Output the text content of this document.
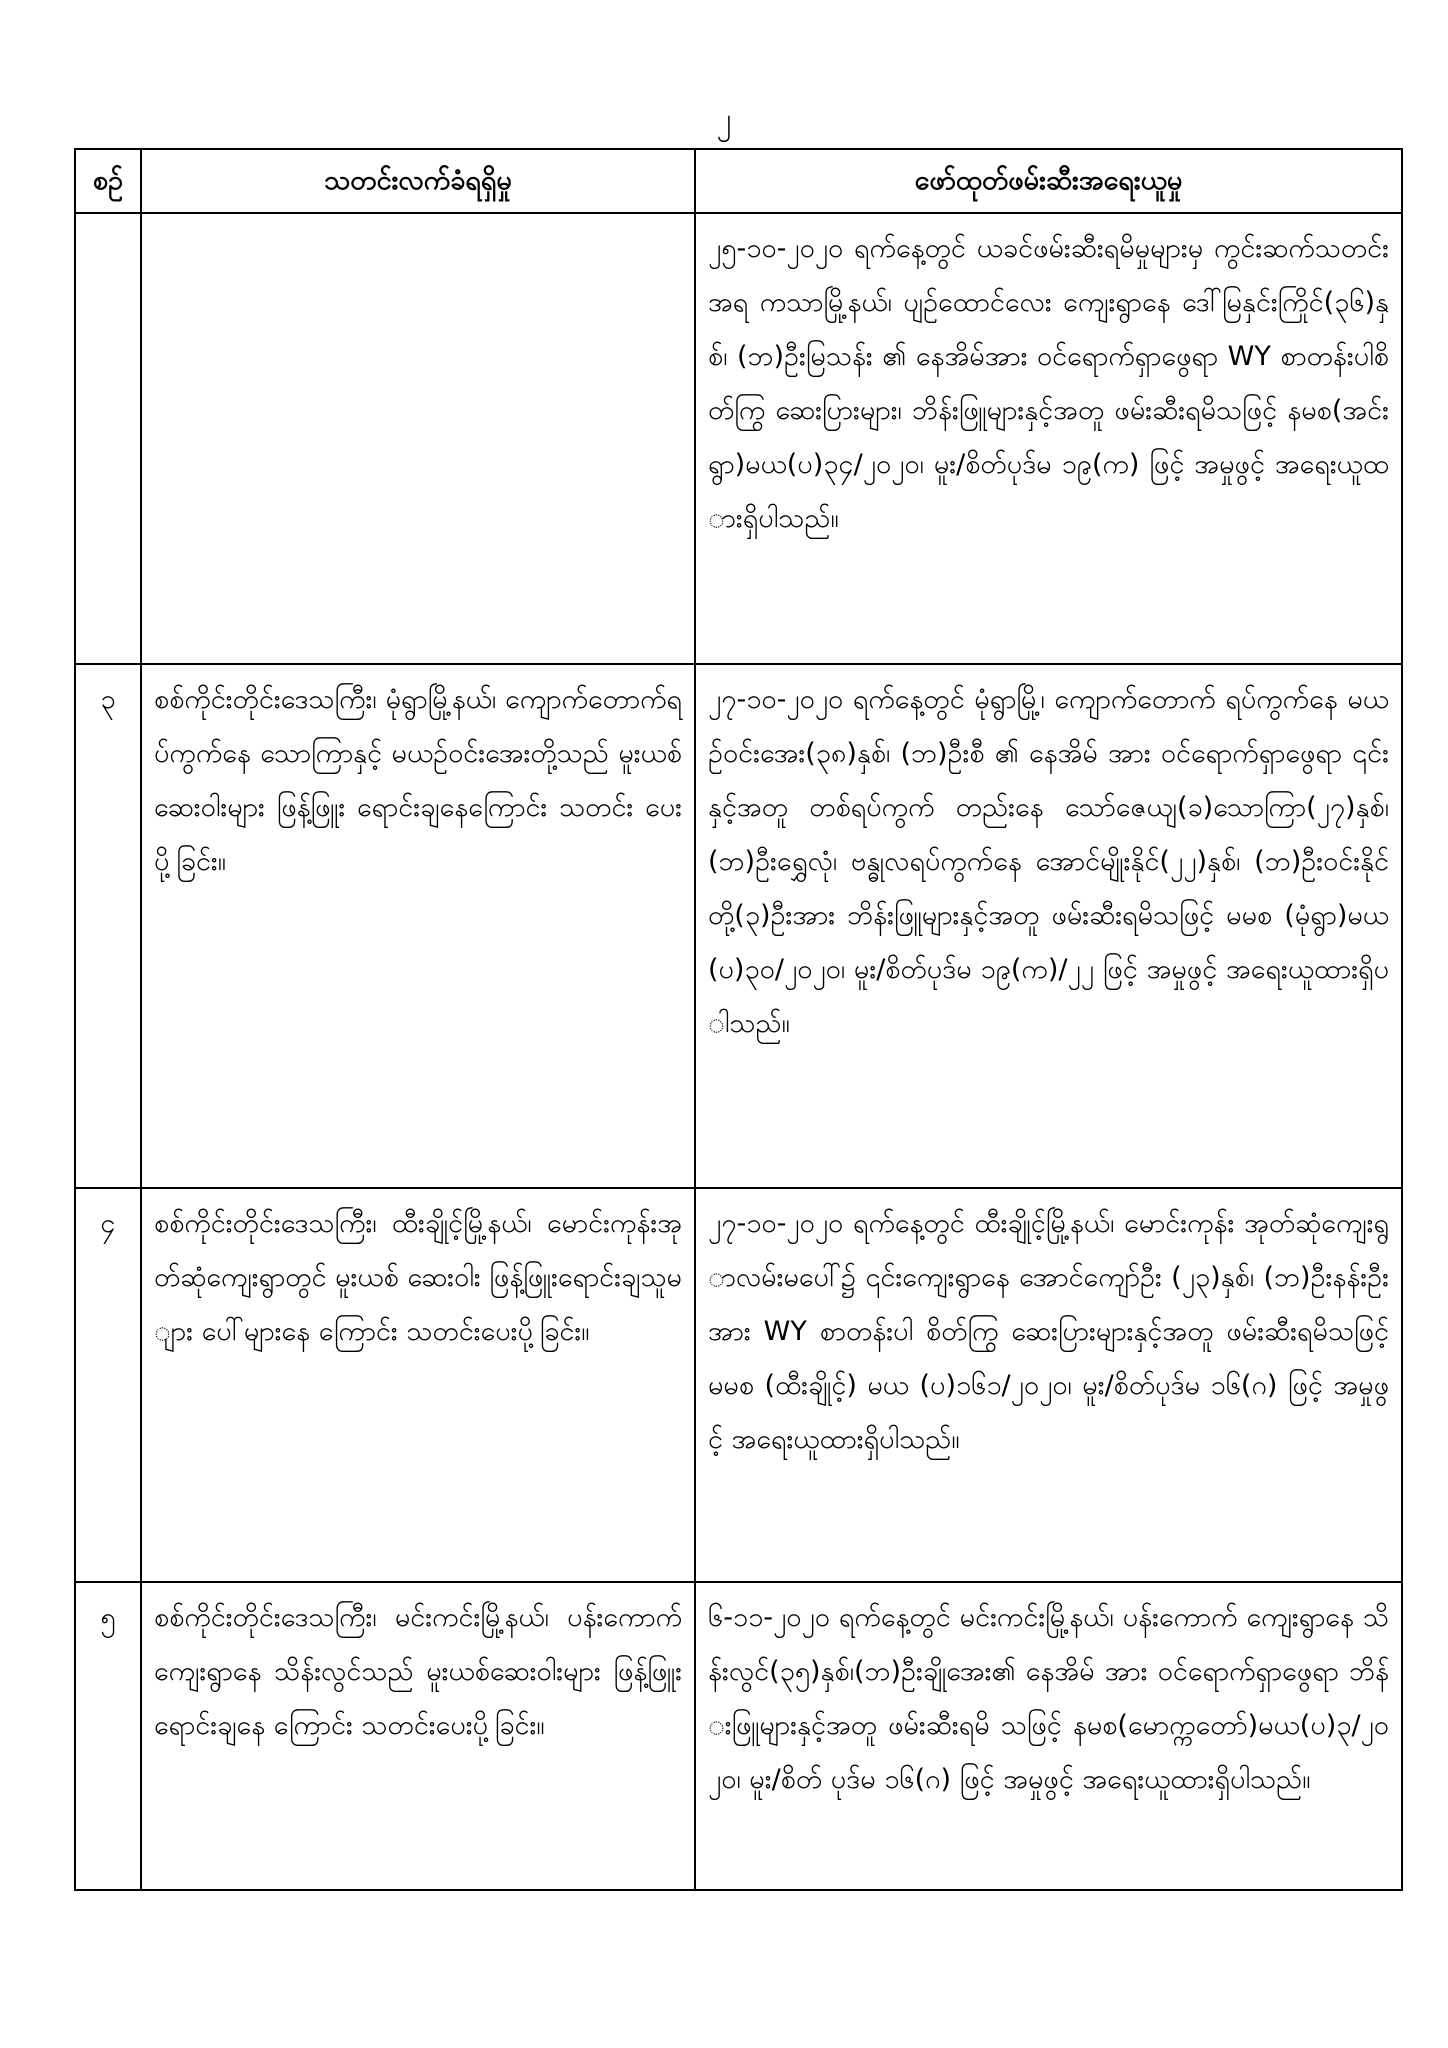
၂
စဉ်	သတင်းလက်ခံရရှိမှု	ဖော်ထုတ်ဖမ်းဆီးအရေးယူမှု
		၂၅-၁၀-၂၀၂၀ ရက်နေ့တွင် ယခင်ဖမ်းဆီးရမိမှုများမှ ကွင်းဆက်သတင်းအရ ကသာမြို့နယ်၊ ပျဉ်ထောင်လေး ကျေးရွာနေ ဒေါ်မြနှင်းကြိုင်(၃၆)နှစ်၊ (ဘ)ဦးမြသန်း ၏ နေအိမ်အား ဝင်ရောက်ရှာဖွေရာ WY စာတန်းပါစိတ်ကြွ ဆေးပြားများ၊ ဘိန်းဖြူများနှင့်အတူ ဖမ်းဆီးရမိသဖြင့် နမစ(အင်းရွာ)မယ(ပ)၃၄/၂၀၂၀၊ မူး/စိတ်ပုဒ်မ ၁၉(က) ဖြင့် အမှုဖွင့် အရေးယူထားရှိပါသည်။
၃	စစ်ကိုင်းတိုင်းဒေသကြီး၊ မုံရွာမြို့နယ်၊ ကျောက်တောက်ရပ်ကွက်နေ သောကြာနှင့် မယဉ်ဝင်းအေးတို့သည် မူးယစ်ဆေးဝါးများ ဖြန့်ဖြူး ရောင်းချနေကြောင်း သတင်း ပေးပို့ခြင်း။	၂၇-၁၀-၂၀၂၀ ရက်နေ့တွင် မုံရွာမြို့၊ ကျောက်တောက် ရပ်ကွက်နေ မယဉ်ဝင်းအေး(၃၈)နှစ်၊ (ဘ)ဦးစီ ၏ နေအိမ် အား ဝင်ရောက်ရှာဖွေရာ ၎င်းနှင့်အတူ တစ်ရပ်ကွက် တည်းနေ သော်ဇေယျ(ခ)သောကြာ(၂၇)နှစ်၊ (ဘ)ဦးရွှေလုံ၊ ဗန္ဓုလရပ်ကွက်နေ အောင်မျိုးနိုင်(၂၂)နှစ်၊ (ဘ)ဦးဝင်းနိုင် တို့(၃)ဦးအား ဘိန်းဖြူများနှင့်အတူ ဖမ်းဆီးရမိသဖြင့် မမစ (မုံရွာ)မယ(ပ)၃၀/၂၀၂၀၊ မူး/စိတ်ပုဒ်မ ၁၉(က)/၂၂ ဖြင့် အမှုဖွင့် အရေးယူထားရှိပါသည်။
၄	စစ်ကိုင်းတိုင်းဒေသကြီး၊ ထီးချိုင့်မြို့နယ်၊ မောင်းကုန်းအုတ်ဆုံကျေးရွာတွင် မူးယစ် ဆေးဝါး ဖြန့်ဖြူးရောင်းချသူများ ပေါ်များနေ ကြောင်း သတင်းပေးပို့ခြင်း။	၂၇-၁၀-၂၀၂၀ ရက်နေ့တွင် ထီးချိုင့်မြို့နယ်၊ မောင်းကုန်း အုတ်ဆုံကျေးရွာလမ်းမပေါ်၌ ၎င်းကျေးရွာနေ အောင်ကျော်ဦး (၂၃)နှစ်၊ (ဘ)ဦးနန်းဦးအား WY စာတန်းပါ စိတ်ကြွ ဆေးပြားများနှင့်အတူ ဖမ်းဆီးရမိသဖြင့် မမစ (ထီးချိုင့်) မယ (ပ)၁၆၁/၂၀၂၀၊ မူး/စိတ်ပုဒ်မ ၁၆(ဂ) ဖြင့် အမှုဖွင့် အရေးယူထားရှိပါသည်။
၅	စစ်ကိုင်းတိုင်းဒေသကြီး၊ မင်းကင်းမြို့နယ်၊ ပန်းကောက်ကျေးရွာနေ သိန်းလွင်သည် မူးယစ်ဆေးဝါးများ ဖြန့်ဖြူးရောင်းချနေ ကြောင်း သတင်းပေးပို့ခြင်း။	၆-၁၁-၂၀၂၀ ရက်နေ့တွင် မင်းကင်းမြို့နယ်၊ ပန်းကောက် ကျေးရွာနေ သိန်းလွင်(၃၅)နှစ်၊(ဘ)ဦးချိုအေး၏ နေအိမ် အား ဝင်ရောက်ရှာဖွေရာ ဘိန်းဖြူများနှင့်အတူ ဖမ်းဆီးရမိ သဖြင့် နမစ(မောက္ကတော်)မယ(ပ)၃/၂၀၂၀၊ မူး/စိတ် ပုဒ်မ ၁၆(ဂ) ဖြင့် အမှုဖွင့် အရေးယူထားရှိပါသည်။
